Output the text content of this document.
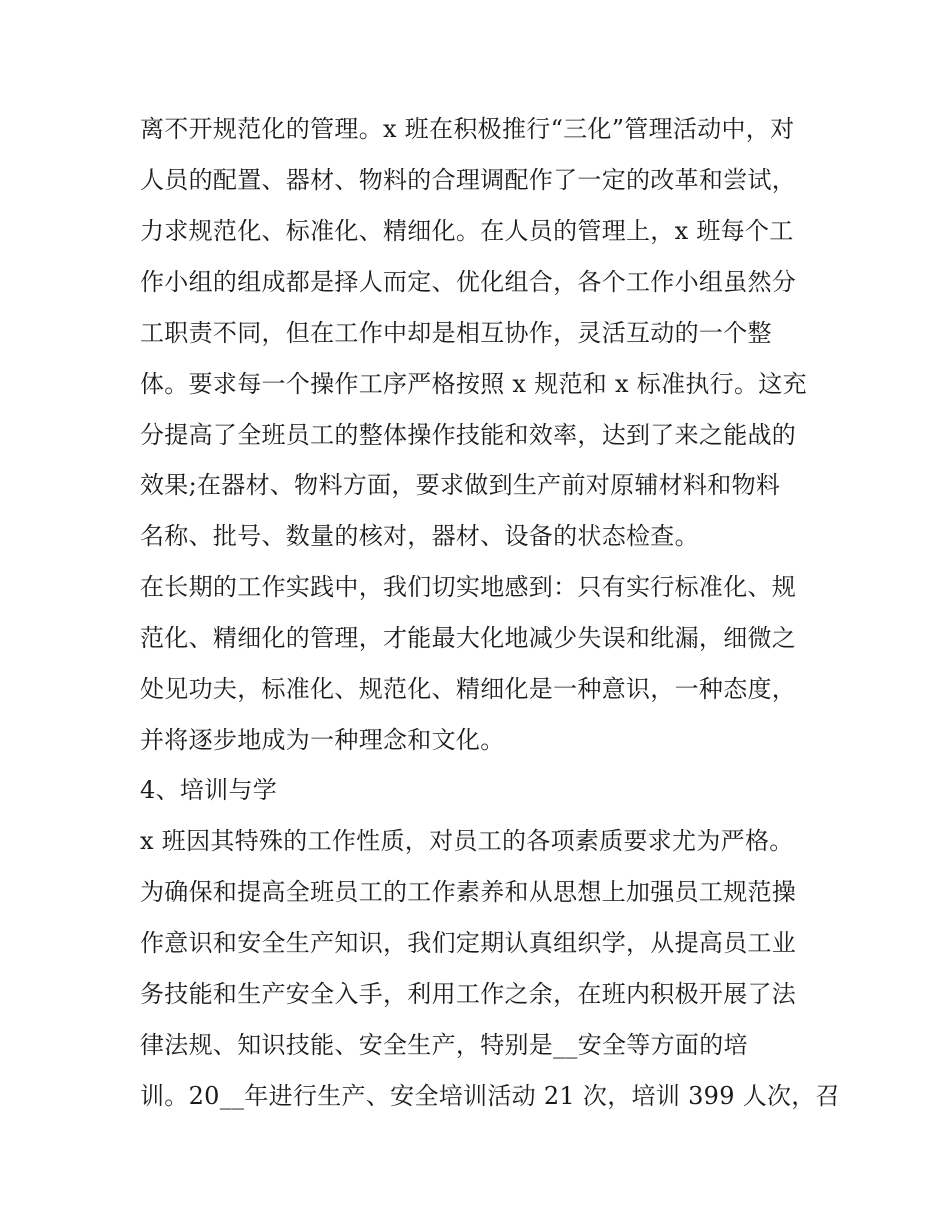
离不开规范化的管理。x 班在积极推行“三化”管理活动中，对
人员的配置、器材、物料的合理调配作了一定的改革和尝试，
力求规范化、标准化、精细化。在人员的管理上，x 班每个工
作小组的组成都是择人而定、优化组合，各个工作小组虽然分
工职责不同，但在工作中却是相互协作，灵活互动的一个整
体。要求每一个操作工序严格按照 x 规范和 x 标准执行。这充
分提高了全班员工的整体操作技能和效率，达到了来之能战的
效果;在器材、物料方面，要求做到生产前对原辅材料和物料
名称、批号、数量的核对，器材、设备的状态检查。
在长期的工作实践中，我们切实地感到：只有实行标准化、规
范化、精细化的管理，才能最大化地减少失误和纰漏，细微之
处见功夫，标准化、规范化、精细化是一种意识，一种态度，
并将逐步地成为一种理念和文化。
4、培训与学
x 班因其特殊的工作性质，对员工的各项素质要求尤为严格。
为确保和提高全班员工的工作素养和从思想上加强员工规范操
作意识和安全生产知识，我们定期认真组织学，从提高员工业
务技能和生产安全入手，利用工作之余，在班内积极开展了法
律法规、知识技能、安全生产，特别是__安全等方面的培
训。20__年进行生产、安全培训活动 21 次，培训 399 人次，召
